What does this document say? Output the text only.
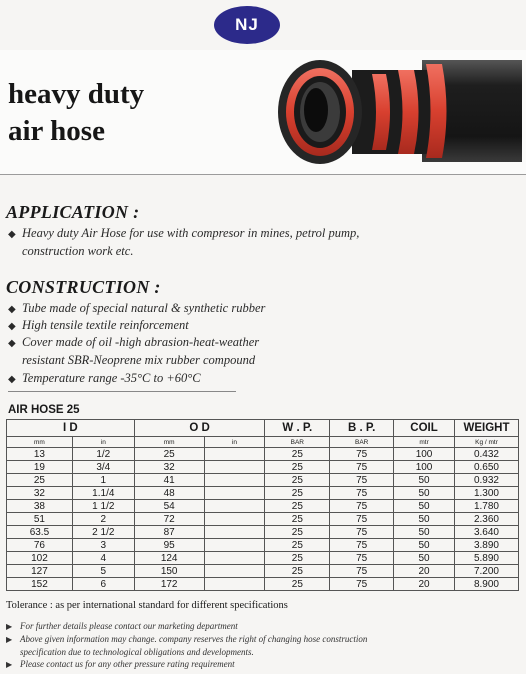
NJ
heavy duty
air hose
APPLICATION :
◆ Heavy duty Air Hose for use with compresor in mines, petrol pump,
construction work etc.
CONSTRUCTION :
◆ Tube made of special natural & synthetic rubber
◆ High tensile textile reinforcement
◆ Cover made of oil -high abrasion-heat-weather
resistant SBR-Neoprene mix rubber compound
◆ Temperature range -35°C to +60°C
AIR HOSE 25
I D		O D		W . P.	B . P.	COIL	WEIGHT
mm	in	mm	in	BAR	BAR	mtr	Kg / mtr
13	1/2	25		25	75	100	0.432
19	3/4	32		25	75	100	0.650
25	1	41		25	75	50	0.932
32	1.1/4	48		25	75	50	1.300
38	1 1/2	54		25	75	50	1.780
51	2	72		25	75	50	2.360
63.5	2 1/2	87		25	75	50	3.640
76	3	95		25	75	50	3.890
102	4	124		25	75	50	5.890
127	5	150		25	75	20	7.200
152	6	172		25	75	20	8.900
Tolerance : as per international standard for different specifications
▶ For further details please contact our marketing department
▶ Above given information may change. company reserves the right of changing hose construction
specification due to technological obligations and developments.
▶ Please contact us for any other pressure rating requirement
